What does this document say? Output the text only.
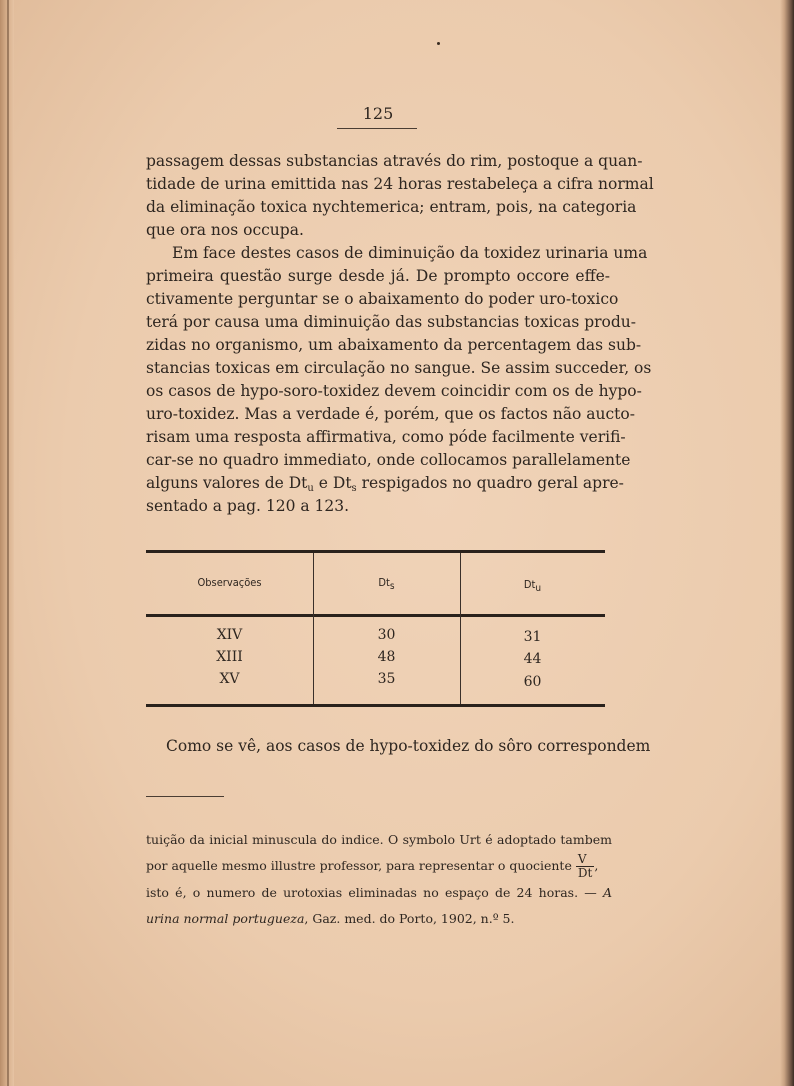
125

passagem dessas substancias através do rim, postoque a quan-
tidade de urina emittida nas 24 horas restabeleça a cifra normal
da eliminação toxica nychtemerica; entram, pois, na categoria
que ora nos occupa.

Em face destes casos de diminuição da toxidez urinaria uma
primeira questão surge desde já. De prompto occore effe-
ctivamente perguntar se o abaixamento do poder uro-toxico
terá por causa uma diminuição das substancias toxicas produ-
zidas no organismo, um abaixamento da percentagem das sub-
stancias toxicas em circulação no sangue. Se assim succeder, os
os casos de hypo-soro-toxidez devem coincidir com os de hypo-
uro-toxidez. Mas a verdade é, porém, que os factos não aucto-
risam uma resposta affirmativa, como póde facilmente verifi-
car-se no quadro immediato, onde collocamos parallelamente
alguns valores de $Dt_u$ e $Dt_s$ respigados no quadro geral apre-
sentado a pag. 120 a 123.
Observações	$Dt_s$	$Dt_u$
XIV	30	31
XIII	48	44
XV	35	60
Como se vê, aos casos de hypo-toxidez do sôro correspondem
tuição da inicial minuscula do indice. O symbolo Urt é adoptado tambem
por aquelle mesmo illustre professor, para representar o quociente $\frac{V}{Dt}$ ,
isto é, o numero de urotoxias eliminadas no espaço de 24 horas. — A
urina normal portugueza, Gaz. med. do Porto, 1902, n.º 5.
